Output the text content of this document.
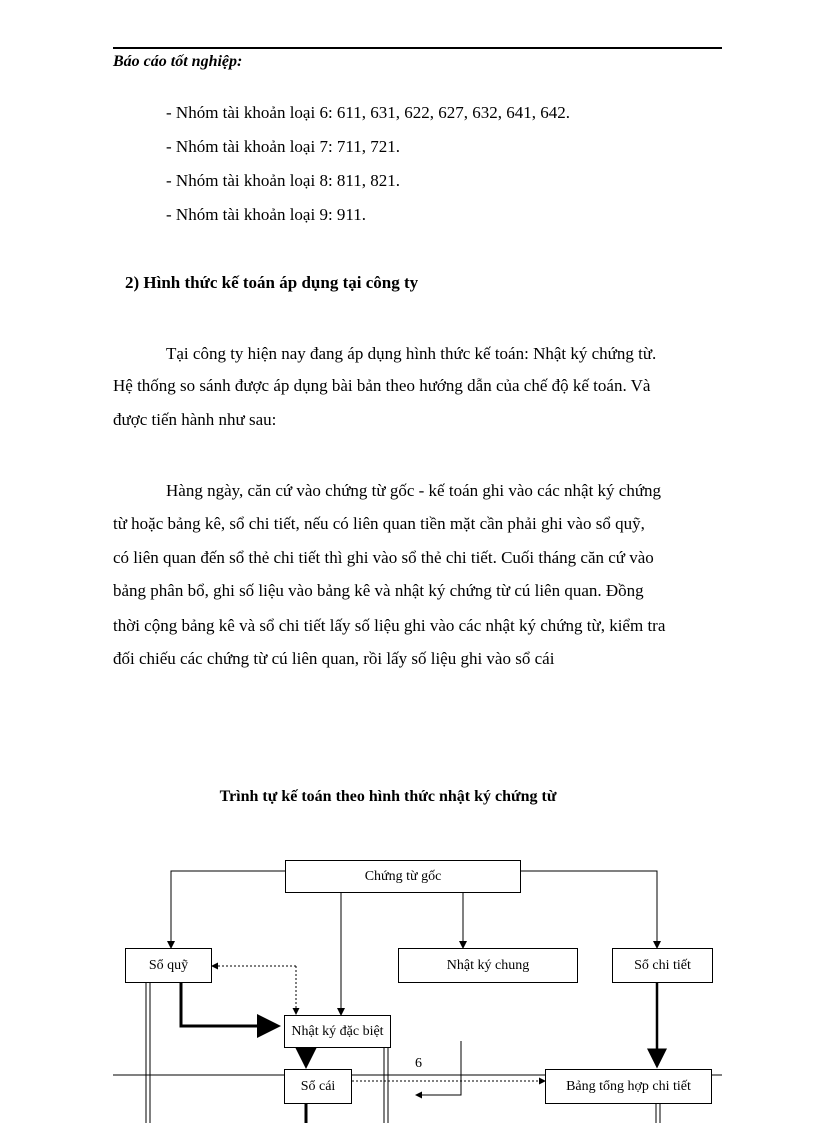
Báo cáo tốt nghiệp:
- Nhóm tài khoản loại 6: 611, 631, 622, 627, 632, 641, 642.
- Nhóm tài khoản loại 7: 711, 721.
- Nhóm tài khoản loại 8: 811, 821.
- Nhóm tài khoản loại 9: 911.
2) Hình thức kế toán áp dụng tại công ty
Tại công ty hiện nay đang áp dụng hình thức kế toán: Nhật ký chứng từ.
Hệ thống so sánh được áp dụng bài bản theo hướng dẫn của chế độ kế toán. Và
được tiến hành như sau:
Hàng ngày, căn cứ vào chứng từ gốc - kế toán ghi vào các nhật ký chứng
từ hoặc bảng kê, sổ chi tiết, nếu có liên quan tiền mặt cần phải ghi vào sổ quỹ,
có liên quan đến sổ thẻ chi tiết thì ghi vào sổ thẻ chi tiết. Cuối tháng căn cứ vào
bảng phân bổ, ghi số liệu vào bảng kê và nhật ký chứng từ cú liên quan. Đồng
thời cộng bảng kê và sổ chi tiết lấy số liệu ghi vào các nhật ký chứng từ, kiểm tra
đối chiếu các chứng từ cú liên quan, rồi lấy số liệu ghi vào sổ cái
Trình tự kế toán theo hình thức nhật ký chứng từ
Chứng từ gốc
Sổ quỹ	Nhật ký chung	Sổ chi tiết
Nhật ký đặc biệt
Sổ cái	Bảng tổng hợp chi tiết
6
